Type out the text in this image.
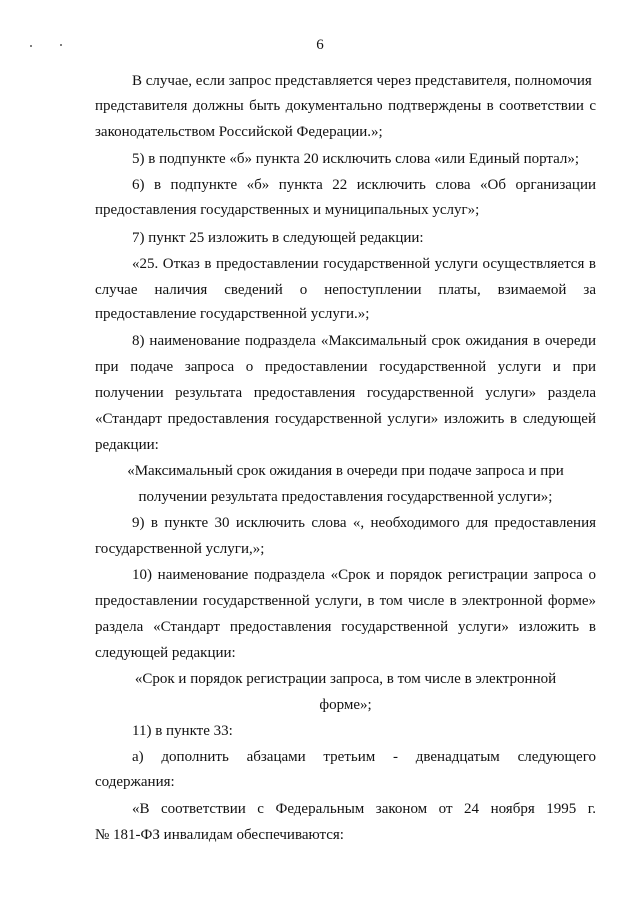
6
В случае, если запрос представляется через представителя, полномочия
представителя должны быть документально подтверждены в соответствии с
законодательством Российской Федерации.»;
5) в подпункте «б» пункта 20 исключить слова «или Единый портал»;
6) в подпункте «б» пункта 22 исключить слова «Об организации
предоставления государственных и муниципальных услуг»;
7) пункт 25 изложить в следующей редакции:
«25. Отказ в предоставлении государственной услуги осуществляется в
случае наличия сведений о непоступлении платы, взимаемой за
предоставление государственной услуги.»;
8) наименование подраздела «Максимальный срок ожидания в очереди
при подаче запроса о предоставлении государственной услуги и при
получении результата предоставления государственной услуги» раздела
«Стандарт предоставления государственной услуги» изложить в следующей
редакции:
«Максимальный срок ожидания в очереди при подаче запроса и при
получении результата предоставления государственной услуги»;
9) в пункте 30 исключить слова «, необходимого для предоставления
государственной услуги,»;
10) наименование подраздела «Срок и порядок регистрации запроса о
предоставлении государственной услуги, в том числе в электронной форме»
раздела «Стандарт предоставления государственной услуги» изложить в
следующей редакции:
«Срок и порядок регистрации запроса, в том числе в электронной
форме»;
11) в пункте 33:
а) дополнить абзацами третьим - двенадцатым следующего
содержания:
«В соответствии с Федеральным законом от 24 ноября 1995 г.
№ 181-ФЗ инвалидам обеспечиваются:
